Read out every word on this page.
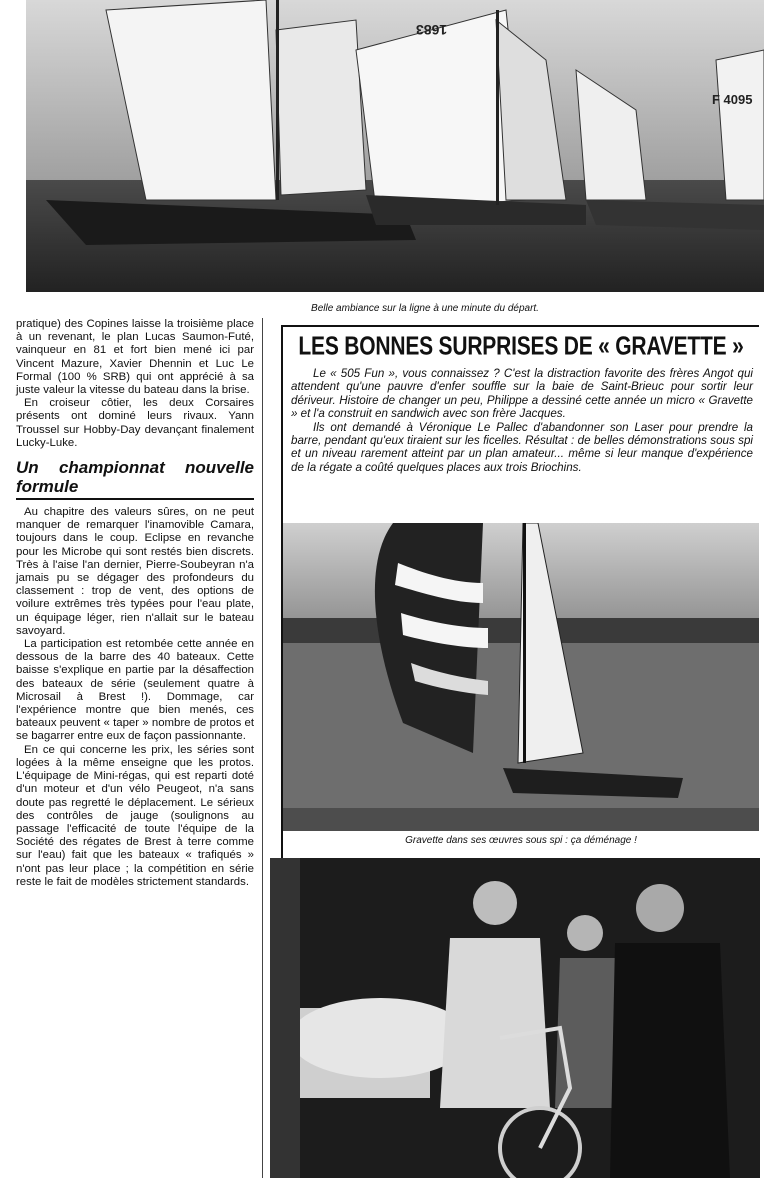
1683
F 4095
Belle ambiance sur la ligne à une minute du départ.

pratique) des Copines laisse la troisième place à un revenant, le plan Lucas Saumon-Futé, vainqueur en 81 et fort bien mené ici par Vincent Mazure, Xavier Dhennin et Luc Le Formal (100 % SRB) qui ont apprécié à sa juste valeur la vitesse du bateau dans la brise.

En croiseur côtier, les deux Corsaires présents ont dominé leurs rivaux. Yann Troussel sur Hobby-Day devançant finalement Lucky-Luke.

Un championnat nouvelle formule

Au chapitre des valeurs sûres, on ne peut manquer de remarquer l'inamovible Camara, toujours dans le coup. Eclipse en revanche pour les Microbe qui sont restés bien discrets. Très à l'aise l'an dernier, Pierre-Soubeyran n'a jamais pu se dégager des profondeurs du classement : trop de vent, des options de voilure extrêmes très typées pour l'eau plate, un équipage léger, rien n'allait sur le bateau savoyard.

La participation est retombée cette année en dessous de la barre des 40 bateaux. Cette baisse s'explique en partie par la désaffection des bateaux de série (seulement quatre à Microsail à Brest !). Dommage, car l'expérience montre que bien menés, ces bateaux peuvent « taper » nombre de protos et se bagarrer entre eux de façon passionnante.

En ce qui concerne les prix, les séries sont logées à la même enseigne que les protos. L'équipage de Mini-régas, qui est reparti doté d'un moteur et d'un vélo Peugeot, n'a sans doute pas regretté le déplacement. Le sérieux des contrôles de jauge (soulignons au passage l'efficacité de toute l'équipe de la Société des régates de Brest à terre comme sur l'eau) fait que les bateaux « trafiqués » n'ont pas leur place ; la compétition en série reste le fait de modèles strictement standards.

LES BONNES SURPRISES DE « GRAVETTE »

Le « 505 Fun », vous connaissez ? C'est la distraction favorite des frères Angot qui attendent qu'une pauvre d'enfer souffle sur la baie de Saint-Brieuc pour sortir leur dériveur. Histoire de changer un peu, Philippe a dessiné cette année un micro « Gravette » et l'a construit en sandwich avec son frère Jacques.

Ils ont demandé à Véronique Le Pallec d'abandonner son Laser pour prendre la barre, pendant qu'eux tiraient sur les ficelles. Résultat : de belles démonstrations sous spi et un niveau rarement atteint par un plan amateur... même si leur manque d'expérience de la régate a coûté quelques places aux trois Briochins.

Gravette dans ses œuvres sous spi : ça déménage !
